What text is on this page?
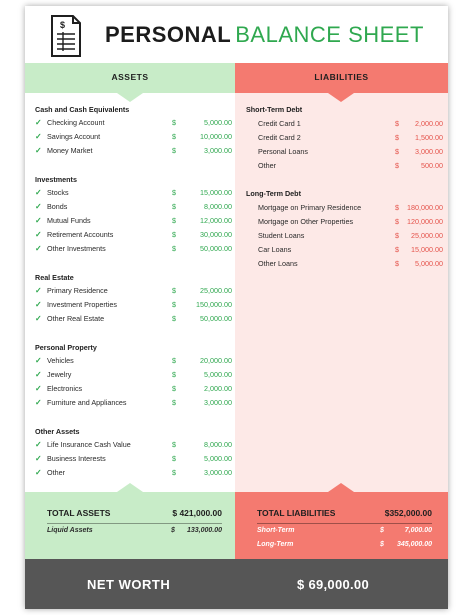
$ PERSONAL BALANCE SHEET
ASSETS
Cash and Cash Equivalents
✓ Checking Account	$	5,000.00
✓ Savings Account	$	10,000.00
✓ Money Market	$	3,000.00
Investments
✓ Stocks	$	15,000.00
✓ Bonds	$	8,000.00
✓ Mutual Funds	$	12,000.00
✓ Retirement Accounts	$	30,000.00
✓ Other Investments	$	50,000.00
Real Estate
✓ Primary Residence	$	25,000.00
✓ Investment Properties	$	150,000.00
✓ Other Real Estate	$	50,000.00
Personal Property
✓ Vehicles	$	20,000.00
✓ Jewelry	$	5,000.00
✓ Electronics	$	2,000.00
✓ Furniture and Appliances	$	3,000.00
Other Assets
✓ Life Insurance Cash Value	$	8,000.00
✓ Business Interests	$	5,000.00
✓ Other	$	3,000.00
LIABILITIES
Short-Term Debt
Credit Card 1	$	2,000.00
Credit Card 2	$	1,500.00
Personal Loans	$	3,000.00
Other	$	500.00
Long-Term Debt
Mortgage on Primary Residence	$	180,000.00
Mortgage on Other Properties	$	120,000.00
Student Loans	$	25,000.00
Car Loans	$	15,000.00
Other Loans	$	5,000.00
TOTAL ASSETS	$ 421,000.00
Liquid Assets	$	133,000.00
TOTAL LIABILITIES	$352,000.00
Short-Term	$	7,000.00
Long-Term	$	345,000.00
NET WORTH	$ 69,000.00
